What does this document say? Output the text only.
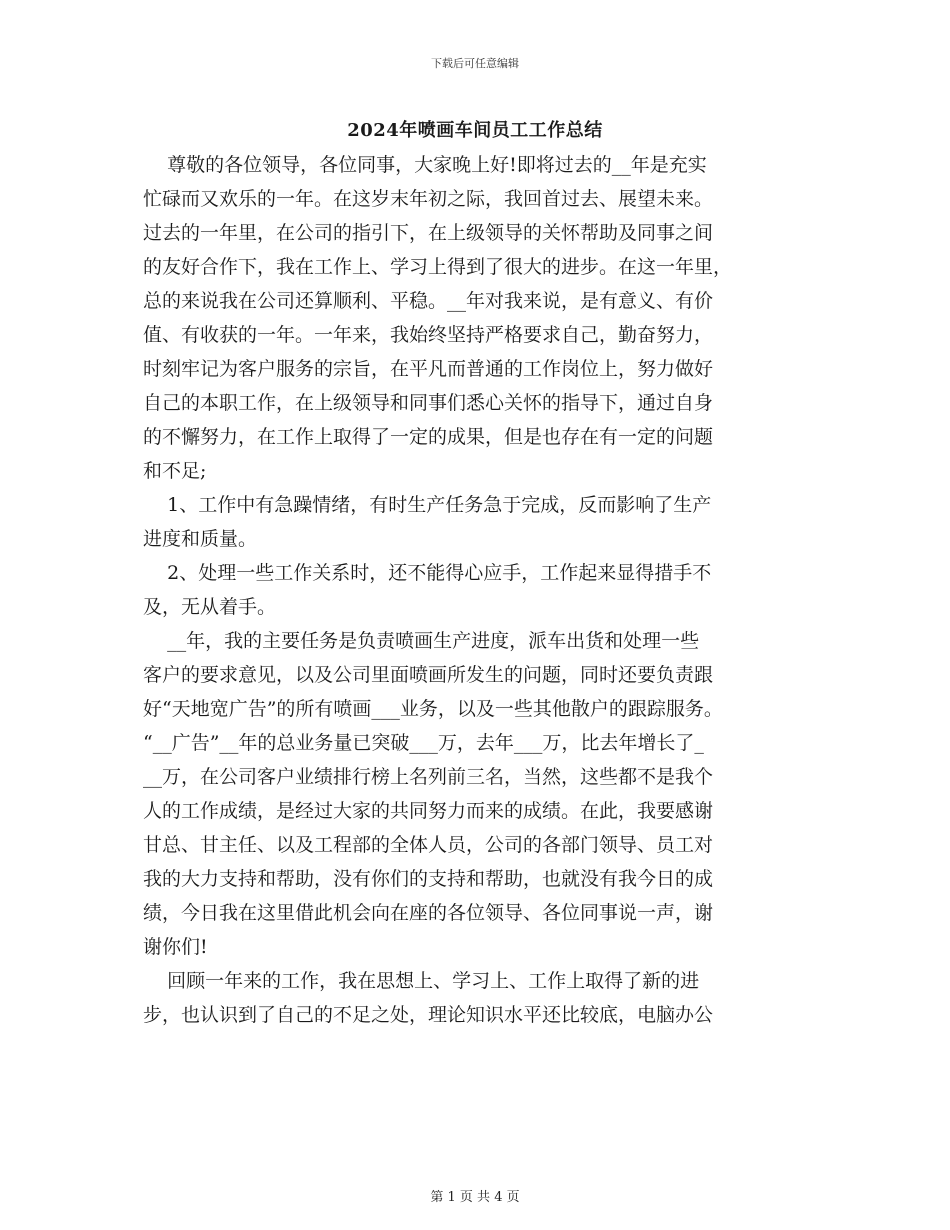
下载后可任意编辑
2024年喷画车间员工工作总结
尊敬的各位领导，各位同事，大家晚上好!即将过去的__年是充实
忙碌而又欢乐的一年。在这岁末年初之际，我回首过去、展望未来。
过去的一年里，在公司的指引下，在上级领导的关怀帮助及同事之间
的友好合作下，我在工作上、学习上得到了很大的进步。在这一年里，
总的来说我在公司还算顺利、平稳。__年对我来说，是有意义、有价
值、有收获的一年。一年来，我始终坚持严格要求自己，勤奋努力，
时刻牢记为客户服务的宗旨，在平凡而普通的工作岗位上，努力做好
自己的本职工作，在上级领导和同事们悉心关怀的指导下，通过自身
的不懈努力，在工作上取得了一定的成果，但是也存在有一定的问题
和不足;
1、工作中有急躁情绪，有时生产任务急于完成，反而影响了生产
进度和质量。
2、处理一些工作关系时，还不能得心应手，工作起来显得措手不
及，无从着手。
__年，我的主要任务是负责喷画生产进度，派车出货和处理一些
客户的要求意见，以及公司里面喷画所发生的问题，同时还要负责跟
好“天地宽广告”的所有喷画___业务，以及一些其他散户的跟踪服务。
“__广告”__年的总业务量已突破___万，去年___万，比去年增长了_
__万，在公司客户业绩排行榜上名列前三名，当然，这些都不是我个
人的工作成绩，是经过大家的共同努力而来的成绩。在此，我要感谢
甘总、甘主任、以及工程部的全体人员，公司的各部门领导、员工对
我的大力支持和帮助，没有你们的支持和帮助，也就没有我今日的成
绩，今日我在这里借此机会向在座的各位领导、各位同事说一声，谢
谢你们!
回顾一年来的工作，我在思想上、学习上、工作上取得了新的进
步，也认识到了自己的不足之处，理论知识水平还比较底，电脑办公
第 1 页 共 4 页
